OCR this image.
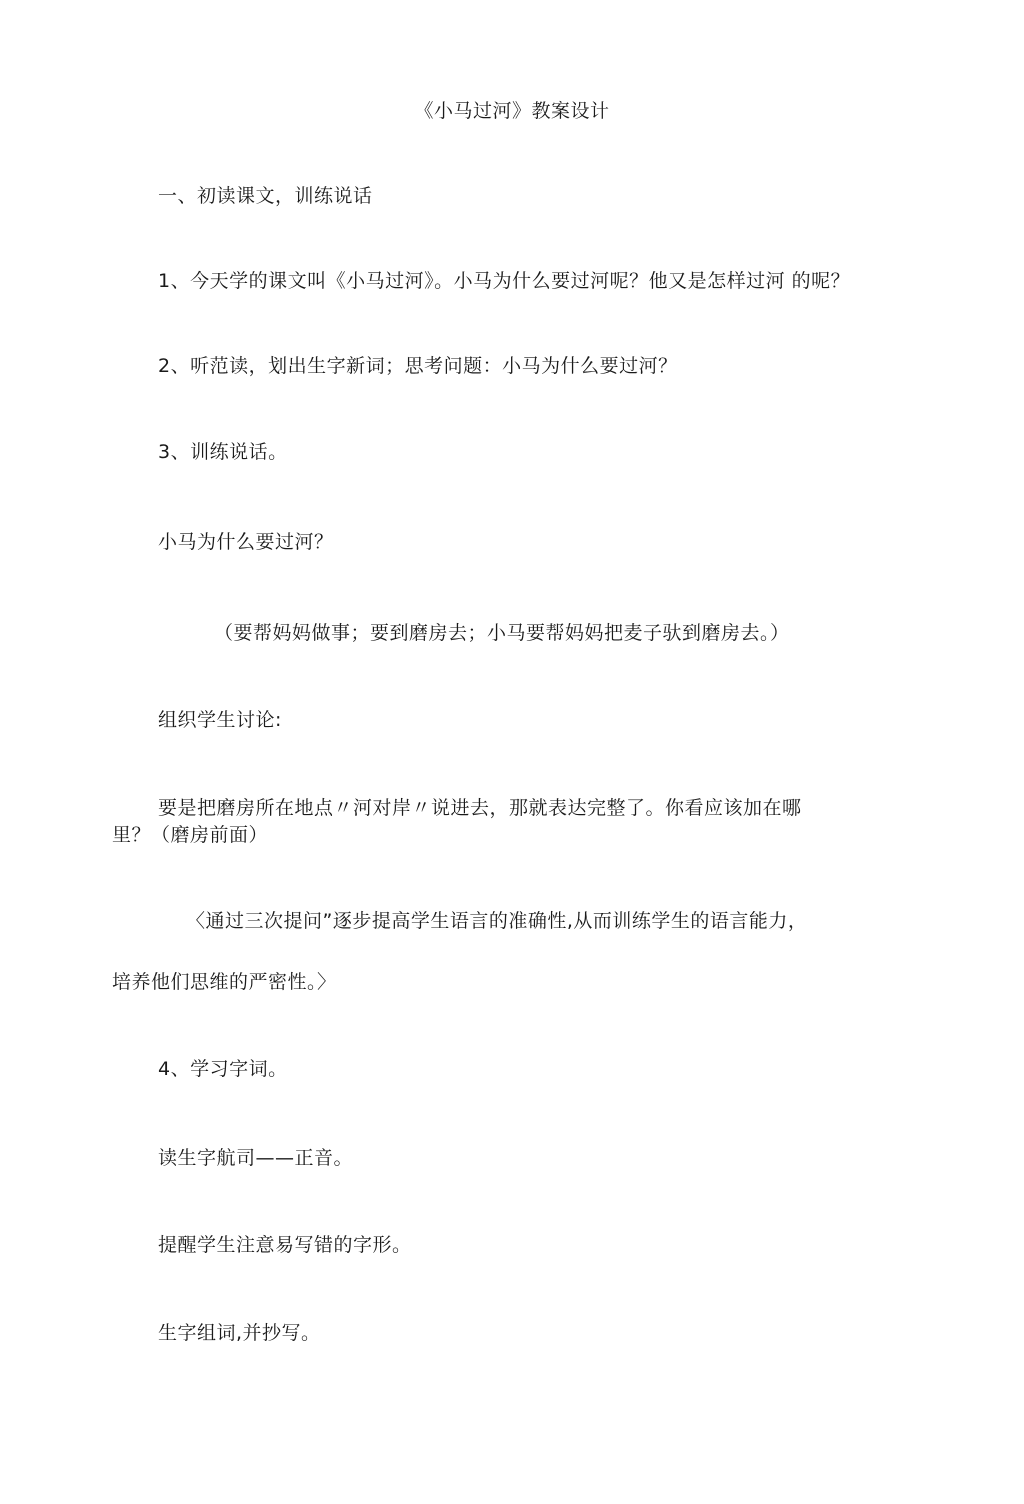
《小马过河》教案设计
一、初读课文，训练说话
1、今天学的课文叫《小马过河》。小马为什么要过河呢？他又是怎样过河 的呢？
2、听范读，划出生字新词；思考问题：小马为什么要过河？
3、训练说话。
小马为什么要过河？
（要帮妈妈做事；要到磨房去；小马要帮妈妈把麦子驮到磨房去。）
组织学生讨论:
要是把磨房所在地点〃河对岸〃说进去，那就表达完整了。你看应该加在哪
里？（磨房前面）
〈通过三次提问”逐步提高学生语言的准确性,从而训练学生的语言能力，
培养他们思维的严密性。〉
4、学习字词。
读生字航司——正音。
提醒学生注意易写错的字形。
生字组词,并抄写。
